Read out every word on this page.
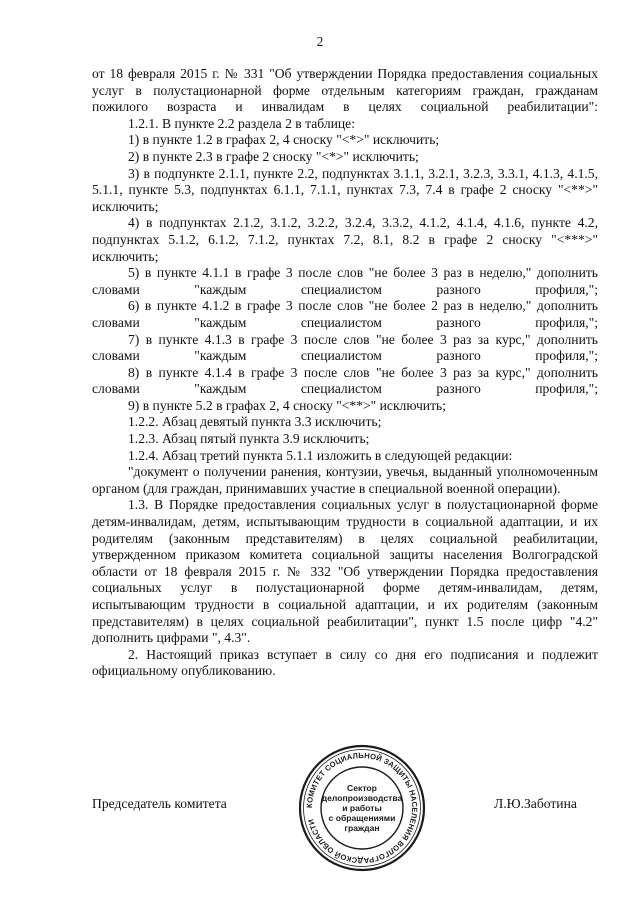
2

от 18 февраля 2015 г. № 331 "Об утверждении Порядка предоставления социальных услуг в полустационарной форме отдельным категориям граждан, гражданам пожилого возраста и инвалидам в целях социальной реабилитации":

1.2.1. В пункте 2.2 раздела 2 в таблице:

1) в пункте 1.2 в графах 2, 4 сноску "<*>" исключить;

2) в пункте 2.3 в графе 2 сноску "<*>" исключить;

3) в подпункте 2.1.1, пункте 2.2, подпунктах 3.1.1, 3.2.1, 3.2.3, 3.3.1, 4.1.3, 4.1.5, 5.1.1, пункте 5.3, подпунктах 6.1.1, 7.1.1, пунктах 7.3, 7.4 в графе 2 сноску "<**>" исключить;

4) в подпунктах 2.1.2, 3.1.2, 3.2.2, 3.2.4, 3.3.2, 4.1.2, 4.1.4, 4.1.6, пункте 4.2, подпунктах 5.1.2, 6.1.2, 7.1.2, пунктах 7.2, 8.1, 8.2 в графе 2 сноску "<***>" исключить;

5) в пункте 4.1.1 в графе 3 после слов "не более 3 раз в неделю," дополнить словами "каждым специалистом разного профиля,";

6) в пункте 4.1.2 в графе 3 после слов "не более 2 раз в неделю," дополнить словами "каждым специалистом разного профиля,";

7) в пункте 4.1.3 в графе 3 после слов "не более 3 раз за курс," дополнить словами "каждым специалистом разного профиля,";

8) в пункте 4.1.4 в графе 3 после слов "не более 3 раз за курс," дополнить словами "каждым специалистом разного профиля,";

9) в пункте 5.2 в графах 2, 4 сноску "<**>" исключить;

1.2.2. Абзац девятый пункта 3.3 исключить;

1.2.3. Абзац пятый пункта 3.9 исключить;

1.2.4. Абзац третий пункта 5.1.1 изложить в следующей редакции:

"документ о получении ранения, контузии, увечья, выданный уполномоченным органом (для граждан, принимавших участие в специальной военной операции).

1.3. В Порядке предоставления социальных услуг в полустационарной форме детям-инвалидам, детям, испытывающим трудности в социальной адаптации, и их родителям (законным представителям) в целях социальной реабилитации, утвержденном приказом комитета социальной защиты населения Волгоградской области от 18 февраля 2015 г. № 332 "Об утверждении Порядка предоставления социальных услуг в полустационарной форме детям-инвалидам, детям, испытывающим трудности в социальной адаптации, и их родителям (законным представителям) в целях социальной реабилитации", пункт 1.5 после цифр "4.2" дополнить цифрами ", 4.3".

2. Настоящий приказ вступает в силу со дня его подписания и подлежит официальному опубликованию.

Председатель комитета	Л.Ю.Заботина
КОМИТЕТ СОЦИАЛЬНОЙ ЗАЩИТЫ НАСЕЛЕНИЯ ВОЛГОГРАДСКОЙ ОБЛАСТИ
Сектор
делопроизводства
и работы
с обращениями
граждан
